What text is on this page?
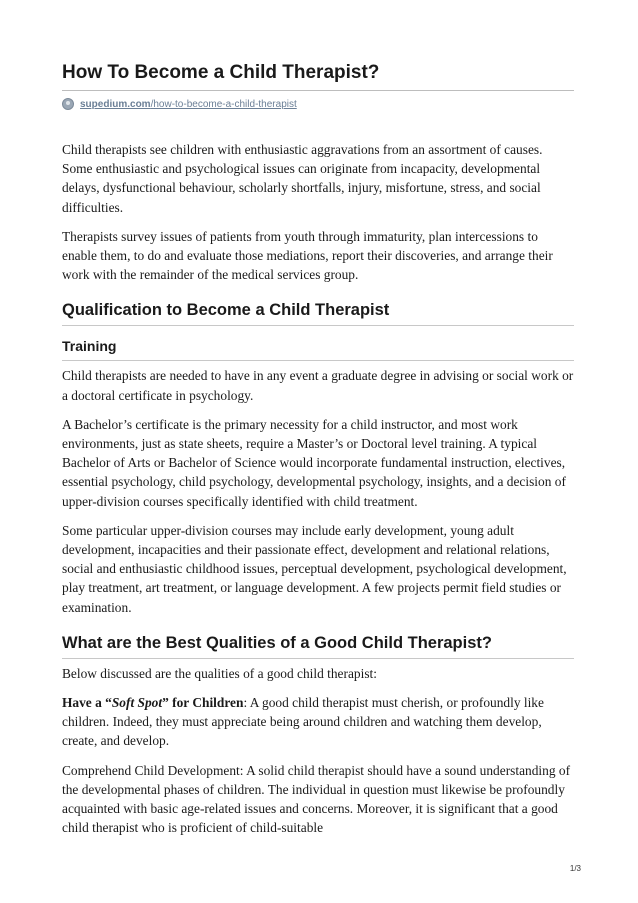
How To Become a Child Therapist?
supedium.com/how-to-become-a-child-therapist

Child therapists see children with enthusiastic aggravations from an assortment of causes. Some enthusiastic and psychological issues can originate from incapacity, developmental delays, dysfunctional behaviour, scholarly shortfalls, injury, misfortune, stress, and social difficulties.

Therapists survey issues of patients from youth through immaturity, plan intercessions to enable them, to do and evaluate those mediations, report their discoveries, and arrange their work with the remainder of the medical services group.

Qualification to Become a Child Therapist
Training

Child therapists are needed to have in any event a graduate degree in advising or social work or a doctoral certificate in psychology.

A Bachelor’s certificate is the primary necessity for a child instructor, and most work environments, just as state sheets, require a Master’s or Doctoral level training. A typical Bachelor of Arts or Bachelor of Science would incorporate fundamental instruction, electives, essential psychology, child psychology, developmental psychology, insights, and a decision of upper-division courses specifically identified with child treatment.

Some particular upper-division courses may include early development, young adult development, incapacities and their passionate effect, development and relational relations, social and enthusiastic childhood issues, perceptual development, psychological development, play treatment, art treatment, or language development. A few projects permit field studies or examination.

What are the Best Qualities of a Good Child Therapist?

Below discussed are the qualities of a good child therapist:

Have a “Soft Spot” for Children: A good child therapist must cherish, or profoundly like children. Indeed, they must appreciate being around children and watching them develop, create, and develop.

Comprehend Child Development: A solid child therapist should have a sound understanding of the developmental phases of children. The individual in question must likewise be profoundly acquainted with basic age-related issues and concerns. Moreover, it is significant that a good child therapist who is proficient of child-suitable

1/3
